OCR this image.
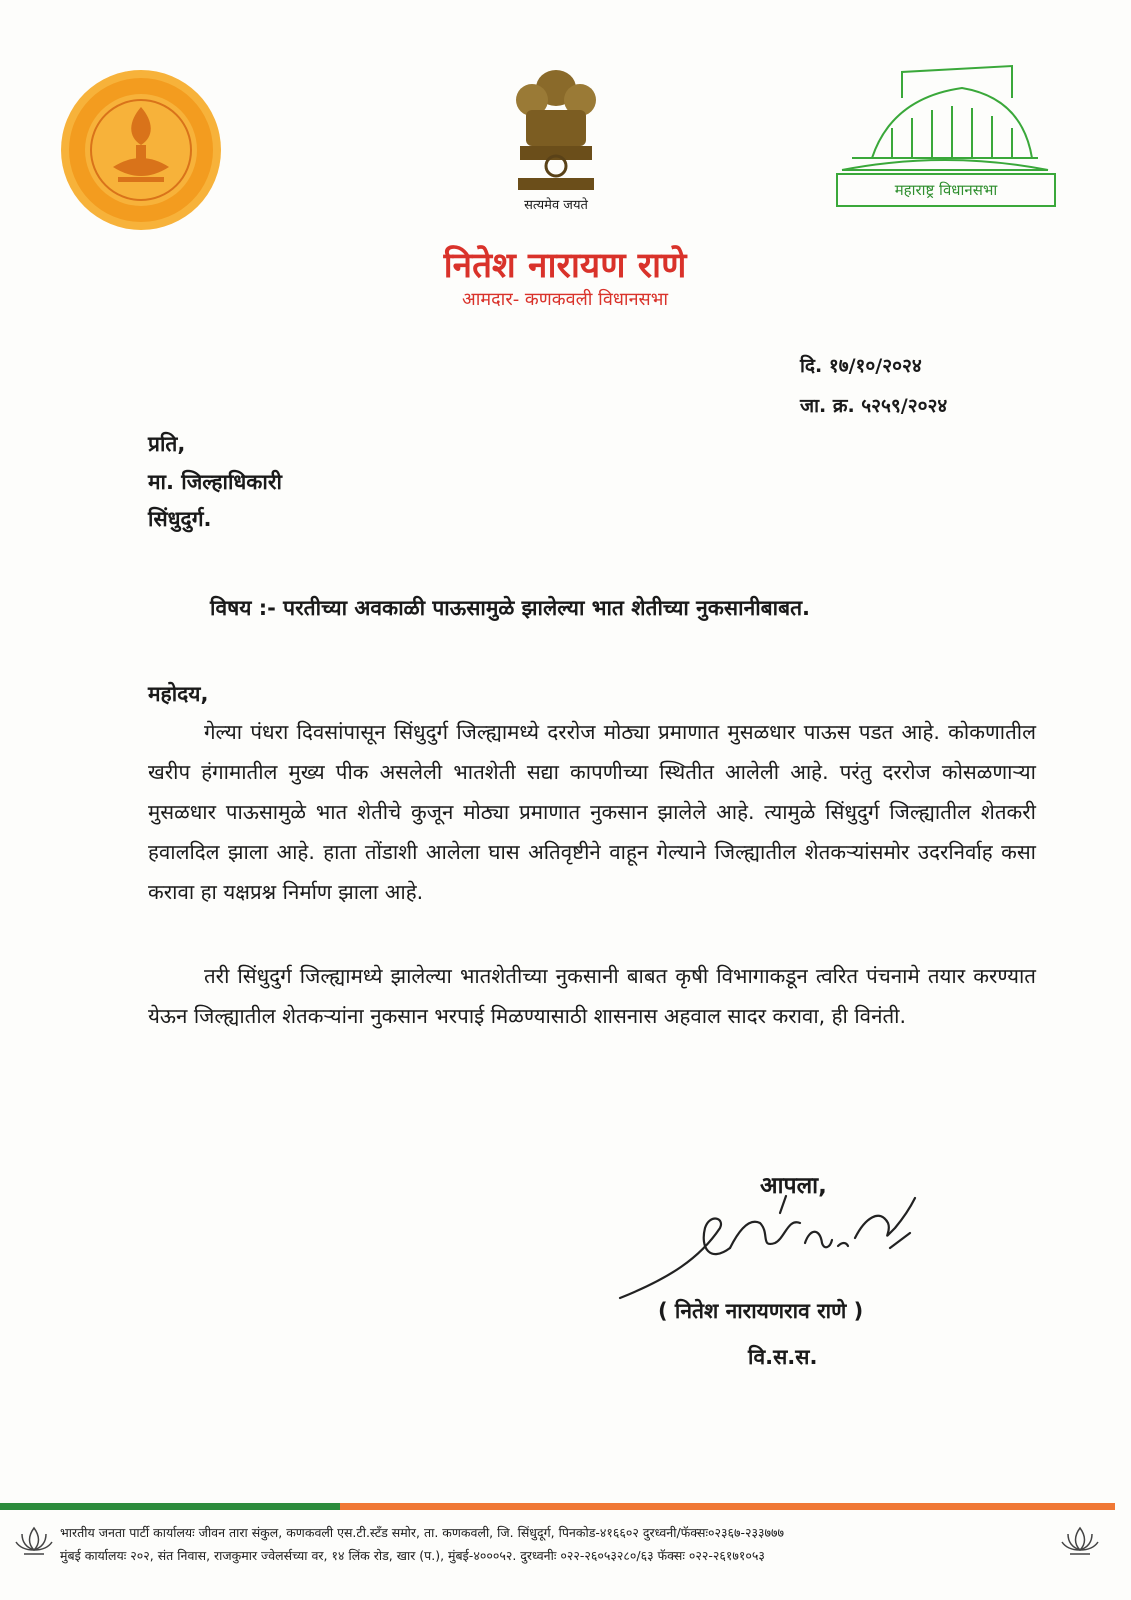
सत्यमेव जयते
महाराष्ट्र विधानसभा
नितेश नारायण राणे
आमदार- कणकवली विधानसभा
दि. १७/१०/२०२४
जा. क्र. ५२५९/२०२४
प्रति,
मा. जिल्हाधिकारी
सिंधुदुर्ग.
विषय :- परतीच्या अवकाळी पाऊसामुळे झालेल्या भात शेतीच्या नुकसानीबाबत.
महोदय,

गेल्या पंधरा दिवसांपासून सिंधुदुर्ग जिल्ह्यामध्ये दररोज मोठ्या प्रमाणात मुसळधार पाऊस पडत आहे. कोकणातील खरीप हंगामातील मुख्य पीक असलेली भातशेती सद्या कापणीच्या स्थितीत आलेली आहे. परंतु दररोज कोसळणाऱ्या मुसळधार पाऊसामुळे भात शेतीचे कुजून मोठ्या प्रमाणात नुकसान झालेले आहे. त्यामुळे सिंधुदुर्ग जिल्ह्यातील शेतकरी हवालदिल झाला आहे. हाता तोंडाशी आलेला घास अतिवृष्टीने वाहून गेल्याने जिल्ह्यातील शेतकऱ्यांसमोर उदरनिर्वाह कसा करावा हा यक्षप्रश्न निर्माण झाला आहे.

तरी सिंधुदुर्ग जिल्ह्यामध्ये झालेल्या भातशेतीच्या नुकसानी बाबत कृषी विभागाकडून त्वरित पंचनामे तयार करण्यात येऊन जिल्ह्यातील शेतकऱ्यांना नुकसान भरपाई मिळण्यासाठी शासनास अहवाल सादर करावा, ही विनंती.

आपला,
( नितेश नारायणराव राणे )
वि.स.स.
भारतीय जनता पार्टी कार्यालयः जीवन तारा संकुल, कणकवली एस.टी.स्टँड समोर, ता. कणकवली, जि. सिंधुदूर्ग, पिनकोड-४१६६०२ दुरध्वनी/फॅक्सः०२३६७-२३३७७७
मुंबई कार्यालयः २०२, संत निवास, राजकुमार ज्वेलर्सच्या वर, १४ लिंक रोड, खार (प.), मुंबई-४०००५२. दुरध्वनीः ०२२-२६०५३२८०/६३ फॅक्सः ०२२-२६१७१०५३
